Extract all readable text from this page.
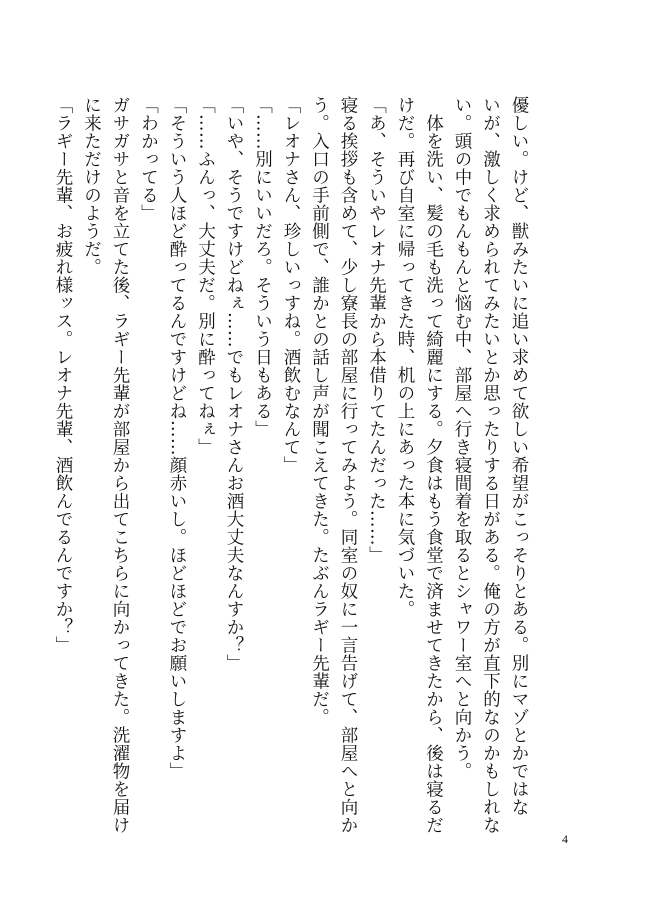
優しい。けど、獣みたいに追い求めて欲しい希望がこっそりとある。別にマゾとかではな
いが、激しく求められてみたいとか思ったりする日がある。俺の方が直下的なのかもしれな
い。頭の中でもんもんと悩む中、部屋へ行き寝間着を取るとシャワー室へと向かう。
　体を洗い、髪の毛も洗って綺麗にする。夕食はもう食堂で済ませてきたから、後は寝るだ
けだ。再び自室に帰ってきた時、机の上にあった本に気づいた。
「あ、そういやレオナ先輩から本借りてたんだった……」
寝る挨拶も含めて、少し寮長の部屋に行ってみよう。同室の奴に一言告げて、部屋へと向か
う。入口の手前側で、誰かとの話し声が聞こえてきた。たぶんラギー先輩だ。
「レオナさん、珍しいっすね。酒飲むなんて」
「……別にいいだろ。そういう日もある」
「いや、そうですけどねぇ……でもレオナさんお酒大丈夫なんすか？」
「……ふんっ、大丈夫だ。別に酔ってねぇ」
「そういう人ほど酔ってるんですけどね……顔赤いし。ほどほどでお願いしますよ」
「わかってる」
ガサガサと音を立てた後、ラギー先輩が部屋から出てこちらに向かってきた。洗濯物を届け
に来ただけのようだ。
「ラギー先輩、お疲れ様ッス。レオナ先輩、酒飲んでるんですか？」
4
